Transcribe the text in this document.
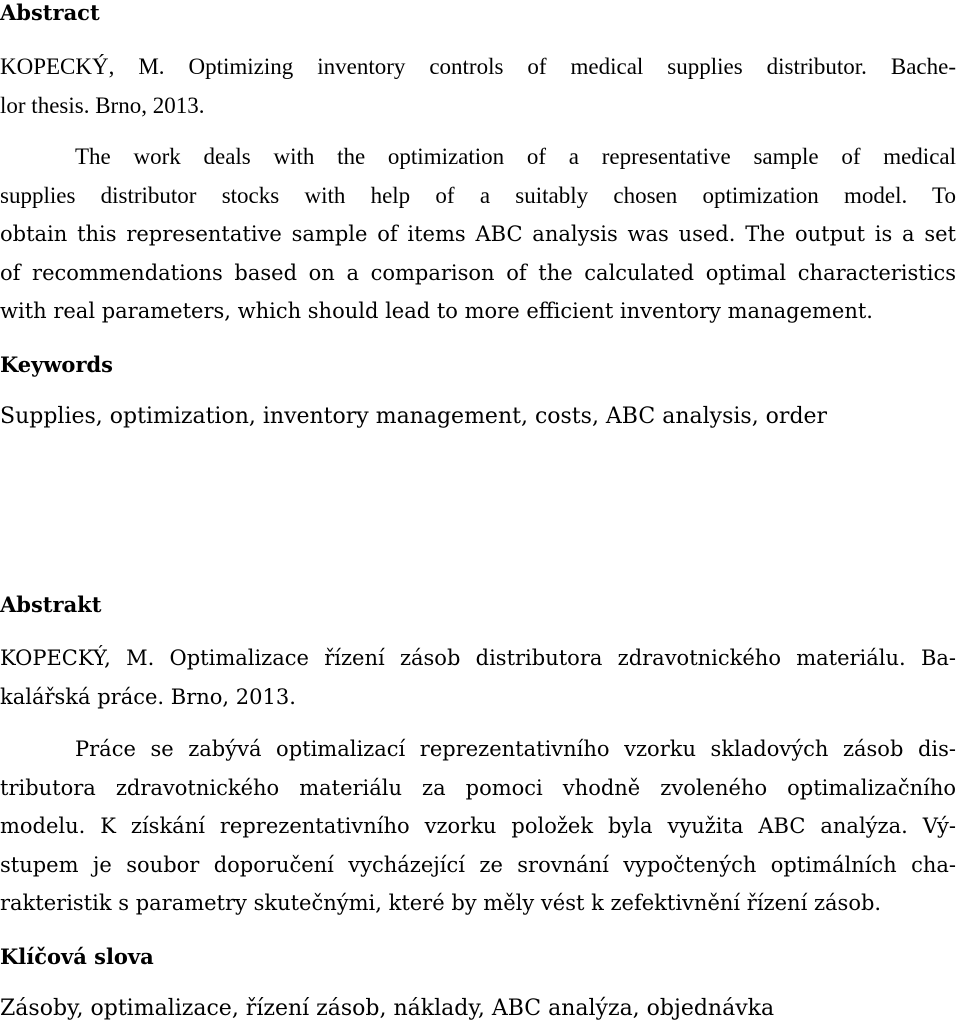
Abstract
KOPECKÝ, M. Optimizing inventory controls of medical supplies distributor. Bache-
lor thesis. Brno, 2013.
The work deals with the optimization of a representative sample of medical
supplies distributor stocks with help of a suitably chosen optimization model. To
obtain this representative sample of items ABC analysis was used. The output is a set
of recommendations based on a comparison of the calculated optimal characteristics
with real parameters, which should lead to more efficient inventory management.
Keywords
Supplies, optimization, inventory management, costs, ABC analysis, order
Abstrakt
KOPECKÝ, M. Optimalizace řízení zásob distributora zdravotnického materiálu. Ba-
kalářská práce. Brno, 2013.
Práce se zabývá optimalizací reprezentativního vzorku skladových zásob dis-
tributora zdravotnického materiálu za pomoci vhodně zvoleného optimalizačního
modelu. K získání reprezentativního vzorku položek byla využita ABC analýza. Vý-
stupem je soubor doporučení vycházející ze srovnání vypočtených optimálních cha-
rakteristik s parametry skutečnými, které by měly vést k zefektivnění řízení zásob.
Klíčová slova
Zásoby, optimalizace, řízení zásob, náklady, ABC analýza, objednávka
